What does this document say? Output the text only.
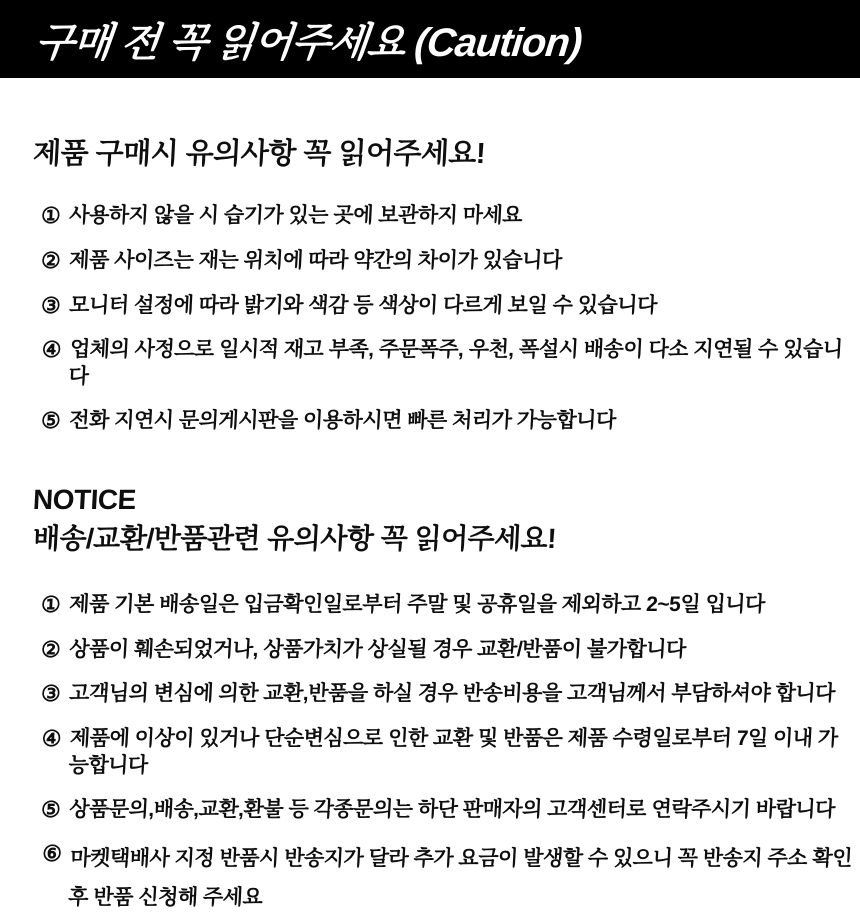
구매 전 꼭 읽어주세요 (Caution)
제품 구매시 유의사항 꼭 읽어주세요!
① 사용하지 않을 시 습기가 있는 곳에 보관하지 마세요
② 제품 사이즈는 재는 위치에 따라 약간의 차이가 있습니다
③ 모니터 설정에 따라 밝기와 색감 등 색상이 다르게 보일 수 있습니다
④ 업체의 사정으로 일시적 재고 부족, 주문폭주, 우천, 폭설시 배송이 다소 지연될 수 있습니다
⑤ 전화 지연시 문의게시판을 이용하시면 빠른 처리가 가능합니다
NOTICE
배송/교환/반품관련 유의사항 꼭 읽어주세요!
① 제품 기본 배송일은 입금확인일로부터 주말 및 공휴일을 제외하고 2~5일 입니다
② 상품이 훼손되었거나, 상품가치가 상실될 경우 교환/반품이 불가합니다
③ 고객님의 변심에 의한 교환,반품을 하실 경우 반송비용을 고객님께서 부담하셔야 합니다
④ 제품에 이상이 있거나 단순변심으로 인한 교환 및 반품은 제품 수령일로부터 7일 이내 가능합니다
⑤ 상품문의,배송,교환,환불 등 각종문의는 하단 판매자의 고객센터로 연락주시기 바랍니다
⑥ 마켓택배사 지정 반품시 반송지가 달라 추가 요금이 발생할 수 있으니 꼭 반송지 주소 확인 후 반품 신청해 주세요
